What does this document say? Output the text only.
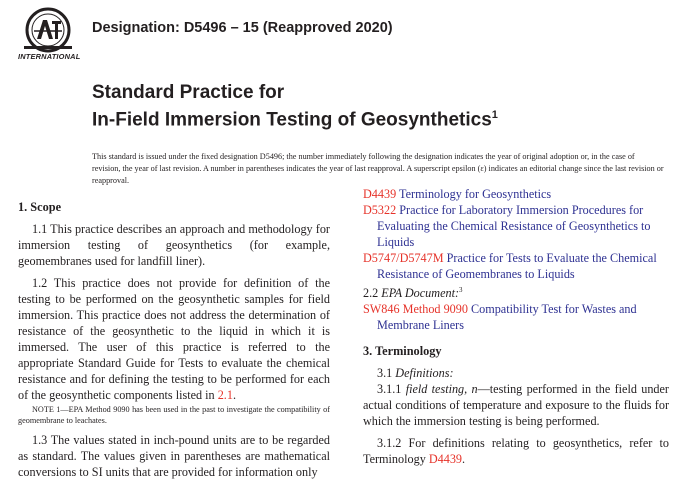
INTERNATIONAL
Designation: D5496 – 15 (Reapproved 2020)
Standard Practice for
In-Field Immersion Testing of Geosynthetics$^1$
This standard is issued under the fixed designation D5496; the number immediately following the designation indicates the year of original adoption or, in the case of revision, the year of last revision. A number in parentheses indicates the year of last reapproval. A superscript epsilon (ε) indicates an editorial change since the last revision or reapproval.
1. Scope

1.1 This practice describes an approach and methodology for immersion testing of geosynthetics (for example, geomembranes used for landfill liner).

1.2 This practice does not provide for definition of the testing to be performed on the geosynthetic samples for field immersion. This practice does not address the determination of resistance of the geosynthetic to the liquid in which it is immersed. The user of this practice is referred to the appropriate Standard Guide for Tests to evaluate the chemical resistance and for defining the testing to be performed for each of the geosynthetic components listed in 2.1.

NOTE 1—EPA Method 9090 has been used in the past to investigate the compatibility of geomembrane to leachates.

1.3 The values stated in inch-pound units are to be regarded as standard. The values given in parentheses are mathematical conversions to SI units that are provided for information only

D4439 Terminology for Geosynthetics

D5322 Practice for Laboratory Immersion Procedures for Evaluating the Chemical Resistance of Geosynthetics to Liquids

D5747/D5747M Practice for Tests to Evaluate the Chemical Resistance of Geomembranes to Liquids

2.2 EPA Document:$^3$

SW846 Method 9090 Compatibility Test for Wastes and Membrane Liners

3. Terminology

3.1 Definitions:

3.1.1 field testing, n—testing performed in the field under actual conditions of temperature and exposure to the fluids for which the immersion testing is being performed.

3.1.2 For definitions relating to geosynthetics, refer to Terminology D4439.
